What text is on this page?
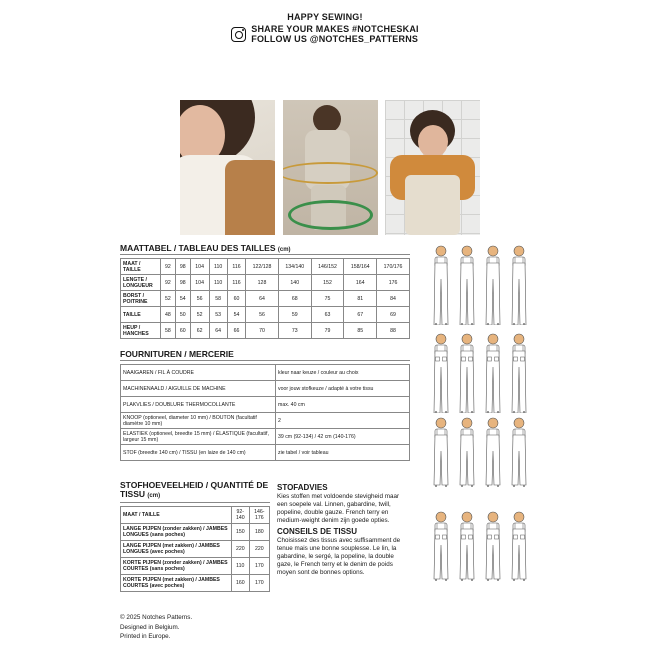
HAPPY SEWING!
SHARE YOUR MAKES #NOTCHESKAI
FOLLOW US @NOTCHES_PATTERNS
MAATTABEL / TABLEAU DES TAILLES (cm)
MAAT / TAILLE	92	98	104	110	116	122/128	134/140	146/152	158/164	170/176
LENGTE / LONGUEUR	92	98	104	110	116	128	140	152	164	176
BORST / POITRINE	52	54	56	58	60	64	68	75	81	84
TAILLE	48	50	52	53	54	56	59	63	67	69
HEUP / HANCHES	58	60	62	64	66	70	73	79	85	88
FOURNITUREN / MERCERIE
NAAIGAREN / FIL À COUDRE	kleur naar keuze / couleur au choix
MACHINENAALD / AIGUILLE DE MACHINE	voor jouw stofkeuze / adapté à votre tissu
PLAKVLIES / DOUBLURE THERMOCOLLANTE	max. 40 cm
KNOOP (optioneel, diameter 10 mm) / BOUTON (facultatif diamètre 10 mm)	2
ELASTIEK (optioneel, breedte 15 mm) / ÉLASTIQUE (facultatif, largeur 15 mm)	39 cm (92-134) / 42 cm (140-176)
STOF (breedte 140 cm) / TISSU (en laize de 140 cm)	zie tabel / voir tableau
STOFHOEVEELHEID / QUANTITÉ DE TISSU (cm)
MAAT / TAILLE	92-140	146-176
LANGE PIJPEN (zonder zakken) / JAMBES LONGUES (sans poches)	150	180
LANGE PIJPEN (met zakken) / JAMBES LONGUES (avec poches)	220	220
KORTE PIJPEN (zonder zakken) / JAMBES COURTES (sans poches)	110	170
KORTE PIJPEN (met zakken) / JAMBES COURTES (avec poches)	160	170
STOFADVIES
Kies stoffen met voldoende stevigheid maar een soepele val. Linnen, gabardine, twill, popeline, double gauze. French terry en medium-weight denim zijn goede opties.
CONSEILS DE TISSU
Choisissez des tissus avec suffisamment de tenue mais une bonne souplesse. Le lin, la gabardine, le sergé, la popeline, la double gaze, le French terry et le denim de poids moyen sont de bonnes options.
© 2025 Notches Patterns.
Designed in Belgium.
Printed in Europe.
